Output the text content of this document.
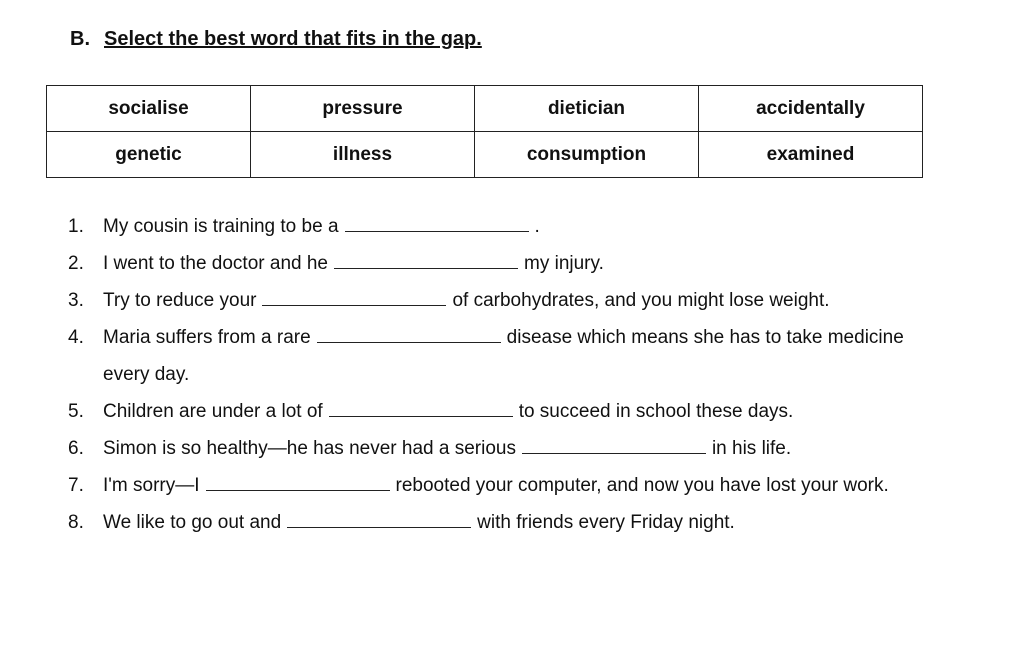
B. Select the best word that fits in the gap.
socialise	pressure	dietician	accidentally
genetic	illness	consumption	examined
1.	My cousin is training to be a	.
2.	I went to the doctor and he	my injury.
3.	Try to reduce your	of carbohydrates, and you might lose weight.
4.	Maria suffers from a rare	disease which means she has to take medicine
every day.
5.	Children are under a lot of	to succeed in school these days.
6.	Simon is so healthy—he has never had a serious	in his life.
7.	I'm sorry—I	rebooted your computer, and now you have lost your work.
8.	We like to go out and	with friends every Friday night.
